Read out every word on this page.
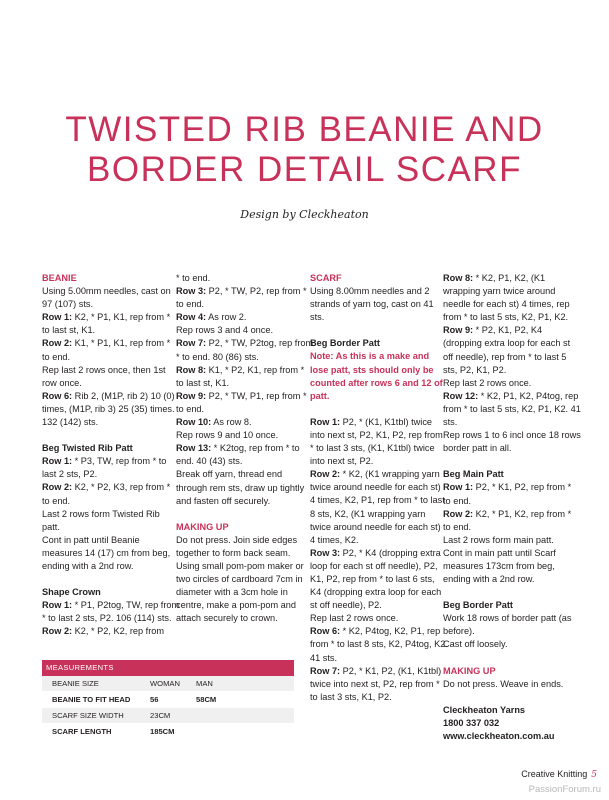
TWISTED RIB BEANIE AND
BORDER DETAIL SCARF
Design by Cleckheaton

BEANIE

Using 5.00mm needles, cast on 97 (107) sts.

Row 1: K2, * P1, K1, rep from * to last st, K1.

Row 2: K1, * P1, K1, rep from * to end.

Rep last 2 rows once, then 1st row once.

Row 6: Rib 2, (M1P, rib 2) 10 (0) times, (M1P, rib 3) 25 (35) times. 132 (142) sts.

Beg Twisted Rib Patt

Row 1: * P3, TW, rep from * to last 2 sts, P2.

Row 2: K2, * P2, K3, rep from * to end.

Last 2 rows form Twisted Rib patt.

Cont in patt until Beanie measures 14 (17) cm from beg, ending with a 2nd row.

Shape Crown

Row 1: * P1, P2tog, TW, rep from * to last 2 sts, P2. 106 (114) sts.

Row 2: K2, * P2, K2, rep from

* to end.

Row 3: P2, * TW, P2, rep from * to end.

Row 4: As row 2.

Rep rows 3 and 4 once.

Row 7: P2, * TW, P2tog, rep from * to end. 80 (86) sts.

Row 8: K1, * P2, K1, rep from * to last st, K1.

Row 9: P2, * TW, P1, rep from * to end.

Row 10: As row 8.

Rep rows 9 and 10 once.

Row 13: * K2tog, rep from * to end. 40 (43) sts.

Break off yarn, thread end through rem sts, draw up tightly and fasten off securely.

MAKING UP

Do not press. Join side edges together to form back seam. Using small pom-pom maker or two circles of cardboard 7cm in diameter with a 3cm hole in centre, make a pom-pom and attach securely to crown.

SCARF

Using 8.00mm needles and 2 strands of yarn tog, cast on 41 sts.

Beg Border Patt

Note: As this is a make and lose patt, sts should only be counted after rows 6 and 12 of patt.

Row 1: P2, * (K1, K1tbl) twice into next st, P2, K1, P2, rep from * to last 3 sts, (K1, K1tbl) twice into next st, P2.

Row 2: * K2, (K1 wrapping yarn twice around needle for each st) 4 times, K2, P1, rep from * to last 8 sts, K2, (K1 wrapping yarn twice around needle for each st) 4 times, K2.

Row 3: P2, * K4 (dropping extra loop for each st off needle), P2, K1, P2, rep from * to last 6 sts, K4 (dropping extra loop for each st off needle), P2.

Rep last 2 rows once.

Row 6: * K2, P4tog, K2, P1, rep from * to last 8 sts, K2, P4tog, K2. 41 sts.

Row 7: P2, * K1, P2, (K1, K1tbl) twice into next st, P2, rep from * to last 3 sts, K1, P2.

Row 8: * K2, P1, K2, (K1 wrapping yarn twice around needle for each st) 4 times, rep from * to last 5 sts, K2, P1, K2.

Row 9: * P2, K1, P2, K4 (dropping extra loop for each st off needle), rep from * to last 5 sts, P2, K1, P2.

Rep last 2 rows once.

Row 12: * K2, P1, K2, P4tog, rep from * to last 5 sts, K2, P1, K2. 41 sts.

Rep rows 1 to 6 incl once 18 rows border patt in all.

Beg Main Patt

Row 1: P2, * K1, P2, rep from * to end.

Row 2: K2, * P1, K2, rep from * to end.

Last 2 rows form main patt.

Cont in main patt until Scarf measures 173cm from beg, ending with a 2nd row.

Beg Border Patt

Work 18 rows of border patt (as before).

Cast off loosely.

MAKING UP

Do not press. Weave in ends.

Cleckheaton Yarns

1800 337 032

www.cleckheaton.com.au

MEASUREMENTS
BEANIE SIZE	WOMAN	MAN
BEANIE TO FIT HEAD	56	58CM
SCARF SIZE WIDTH	23CM
SCARF LENGTH	185CM
Creative Knitting 5
PassionForum.ru
